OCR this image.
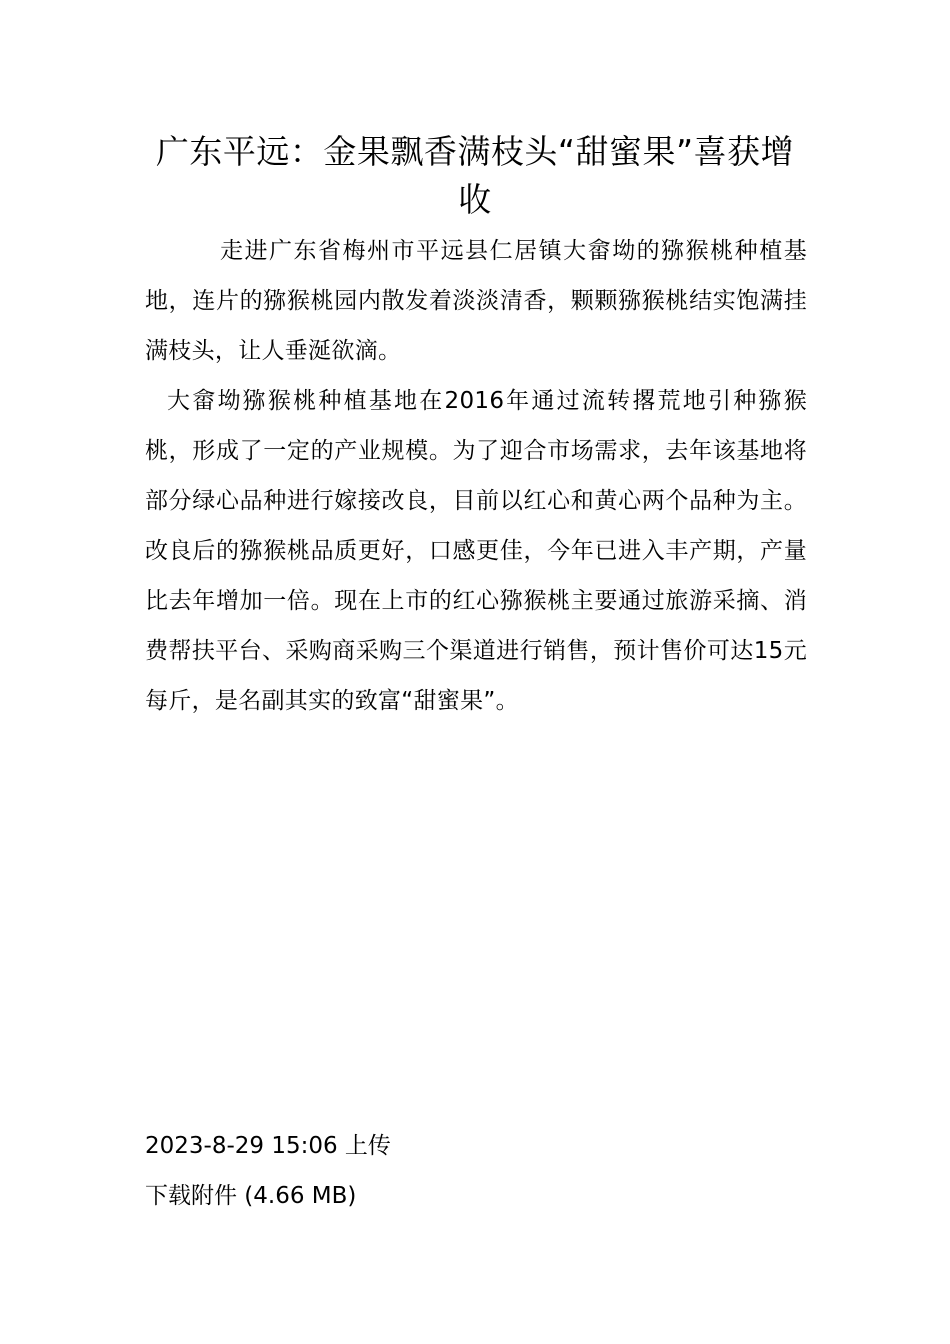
广东平远：金果飘香满枝头“甜蜜果”喜获增收

走进广东省梅州市平远县仁居镇大畲坳的猕猴桃种植基地，连片的猕猴桃园内散发着淡淡清香，颗颗猕猴桃结实饱满挂满枝头，让人垂涎欲滴。

大畲坳猕猴桃种植基地在2016年通过流转撂荒地引种猕猴桃，形成了一定的产业规模。为了迎合市场需求，去年该基地将部分绿心品种进行嫁接改良，目前以红心和黄心两个品种为主。改良后的猕猴桃品质更好，口感更佳，今年已进入丰产期，产量比去年增加一倍。现在上市的红心猕猴桃主要通过旅游采摘、消费帮扶平台、采购商采购三个渠道进行销售，预计售价可达15元每斤，是名副其实的致富“甜蜜果”。

2023-8-29 15:06 上传

下载附件 (4.66 MB)
